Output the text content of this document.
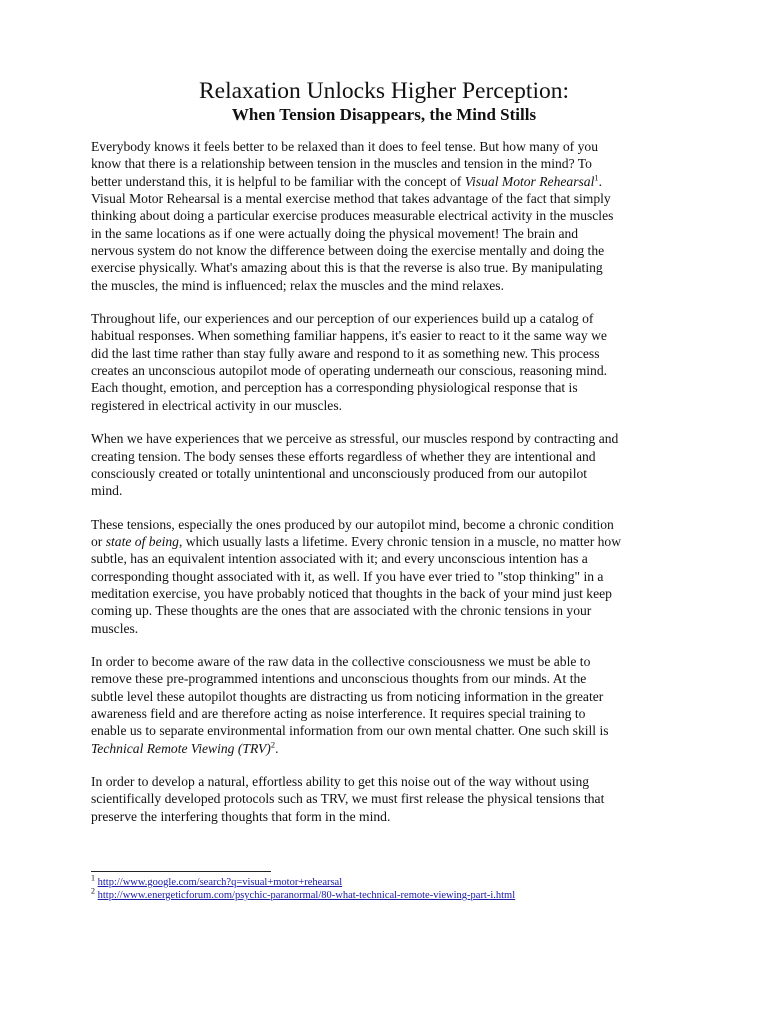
Relaxation Unlocks Higher Perception:
When Tension Disappears, the Mind Stills

Everybody knows it feels better to be relaxed than it does to feel tense. But how many of you
know that there is a relationship between tension in the muscles and tension in the mind? To
better understand this, it is helpful to be familiar with the concept of Visual Motor Rehearsal$^1$.
Visual Motor Rehearsal is a mental exercise method that takes advantage of the fact that simply
thinking about doing a particular exercise produces measurable electrical activity in the muscles
in the same locations as if one were actually doing the physical movement! The brain and
nervous system do not know the difference between doing the exercise mentally and doing the
exercise physically. What's amazing about this is that the reverse is also true. By manipulating
the muscles, the mind is influenced; relax the muscles and the mind relaxes.

Throughout life, our experiences and our perception of our experiences build up a catalog of
habitual responses. When something familiar happens, it's easier to react to it the same way we
did the last time rather than stay fully aware and respond to it as something new. This process
creates an unconscious autopilot mode of operating underneath our conscious, reasoning mind.
Each thought, emotion, and perception has a corresponding physiological response that is
registered in electrical activity in our muscles.

When we have experiences that we perceive as stressful, our muscles respond by contracting and
creating tension. The body senses these efforts regardless of whether they are intentional and
consciously created or totally unintentional and unconsciously produced from our autopilot
mind.

These tensions, especially the ones produced by our autopilot mind, become a chronic condition
or state of being, which usually lasts a lifetime. Every chronic tension in a muscle, no matter how
subtle, has an equivalent intention associated with it; and every unconscious intention has a
corresponding thought associated with it, as well. If you have ever tried to "stop thinking" in a
meditation exercise, you have probably noticed that thoughts in the back of your mind just keep
coming up. These thoughts are the ones that are associated with the chronic tensions in your
muscles.

In order to become aware of the raw data in the collective consciousness we must be able to
remove these pre-programmed intentions and unconscious thoughts from our minds. At the
subtle level these autopilot thoughts are distracting us from noticing information in the greater
awareness field and are therefore acting as noise interference. It requires special training to
enable us to separate environmental information from our own mental chatter. One such skill is
Technical Remote Viewing (TRV)$^2$.

In order to develop a natural, effortless ability to get this noise out of the way without using
scientifically developed protocols such as TRV, we must first release the physical tensions that
preserve the interfering thoughts that form in the mind.

$^1$ http://www.google.com/search?q=visual+motor+rehearsal
$^2$ http://www.energeticforum.com/psychic-paranormal/80-what-technical-remote-viewing-part-i.html
